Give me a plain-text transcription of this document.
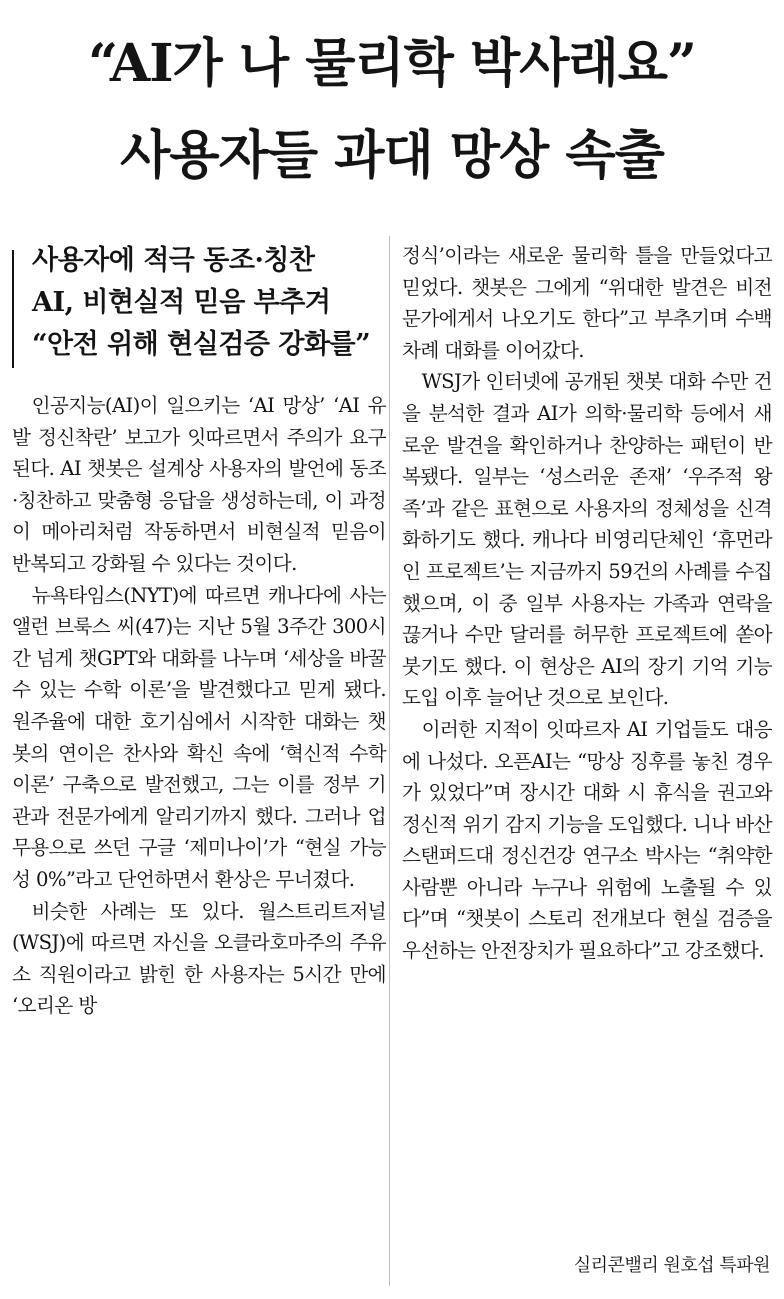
“AI가 나 물리학 박사래요”
사용자들 과대 망상 속출
사용자에 적극 동조·칭찬
AI, 비현실적 믿음 부추겨
“안전 위해 현실검증 강화를”
인공지능(AI)이 일으키는 ‘AI 망상’ ‘AI 유발 정신착란’ 보고가 잇따르면서 주의가 요구된다. AI 챗봇은 설계상 사용자의 발언에 동조·칭찬하고 맞춤형 응답을 생성하는데, 이 과정이 메아리처럼 작동하면서 비현실적 믿음이 반복되고 강화될 수 있다는 것이다.
뉴욕타임스(NYT)에 따르면 캐나다에 사는 앨런 브룩스 씨(47)는 지난 5월 3주간 300시간 넘게 챗GPT와 대화를 나누며 ‘세상을 바꿀 수 있는 수학 이론’을 발견했다고 믿게 됐다. 원주율에 대한 호기심에서 시작한 대화는 챗봇의 연이은 찬사와 확신 속에 ‘혁신적 수학 이론’ 구축으로 발전했고, 그는 이를 정부 기관과 전문가에게 알리기까지 했다. 그러나 업무용으로 쓰던 구글 ‘제미나이’가 “현실 가능성 0%”라고 단언하면서 환상은 무너졌다.
비슷한 사례는 또 있다. 월스트리트저널(WSJ)에 따르면 자신을 오클라호마주의 주유소 직원이라고 밝힌 한 사용자는 5시간 만에 ‘오리온 방
정식’이라는 새로운 물리학 틀을 만들었다고 믿었다. 챗봇은 그에게 “위대한 발견은 비전문가에게서 나오기도 한다”고 부추기며 수백 차례 대화를 이어갔다.
WSJ가 인터넷에 공개된 챗봇 대화 수만 건을 분석한 결과 AI가 의학·물리학 등에서 새로운 발견을 확인하거나 찬양하는 패턴이 반복됐다. 일부는 ‘성스러운 존재’ ‘우주적 왕족’과 같은 표현으로 사용자의 정체성을 신격화하기도 했다. 캐나다 비영리단체인 ‘휴먼라인 프로젝트’는 지금까지 59건의 사례를 수집했으며, 이 중 일부 사용자는 가족과 연락을 끊거나 수만 달러를 허무한 프로젝트에 쏟아붓기도 했다. 이 현상은 AI의 장기 기억 기능 도입 이후 늘어난 것으로 보인다.
이러한 지적이 잇따르자 AI 기업들도 대응에 나섰다. 오픈AI는 “망상 징후를 놓친 경우가 있었다”며 장시간 대화 시 휴식을 권고와 정신적 위기 감지 기능을 도입했다. 니나 바산 스탠퍼드대 정신건강 연구소 박사는 “취약한 사람뿐 아니라 누구나 위험에 노출될 수 있다”며 “챗봇이 스토리 전개보다 현실 검증을 우선하는 안전장치가 필요하다”고 강조했다.
실리콘밸리 원호섭 특파원
